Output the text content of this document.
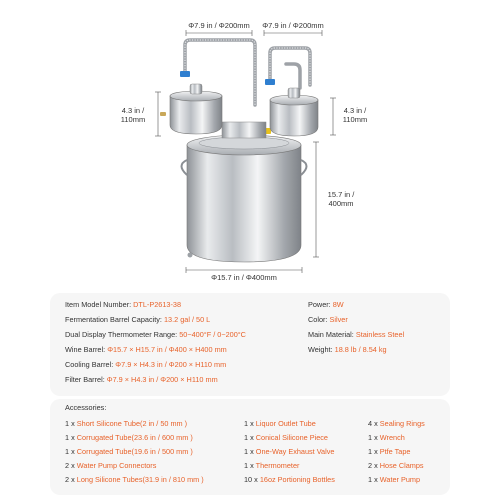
Φ7.9 in / Φ200mm	Φ7.9 in / Φ200mm
4.3 in / 110mm
4.3 in / 110mm
15.7 in / 400mm
Φ15.7 in / Φ400mm
Item Model Number: DTL-P2613-38
Fermentation Barrel Capacity: 13.2 gal / 50 L
Dual Display Thermometer Range: 50~400°F / 0~200°C
Wine Barrel: Φ15.7 × H15.7 in / Φ400 × H400 mm
Cooling Barrel: Φ7.9 × H4.3 in / Φ200 × H110 mm
Filter Barrel: Φ7.9 × H4.3 in / Φ200 × H110 mm
Power: 8W
Color: Silver
Main Material: Stainless Steel
Weight: 18.8 lb / 8.54 kg
Accessories:
1 x Short Silicone Tube(2 in / 50 mm )
1 x Corrugated Tube(23.6 in / 600 mm )
1 x Corrugated Tube(19.6 in / 500 mm )
2 x Water Pump Connectors
2 x Long Silicone Tubes(31.9 in / 810 mm )
1 x Liquor Outlet Tube
1 x Conical Silicone Piece
1 x One-Way Exhaust Valve
1 x Thermometer
10 x 16oz Portioning Bottles
4 x Sealing Rings
1 x Wrench
1 x Ptfe Tape
2 x Hose Clamps
1 x Water Pump
